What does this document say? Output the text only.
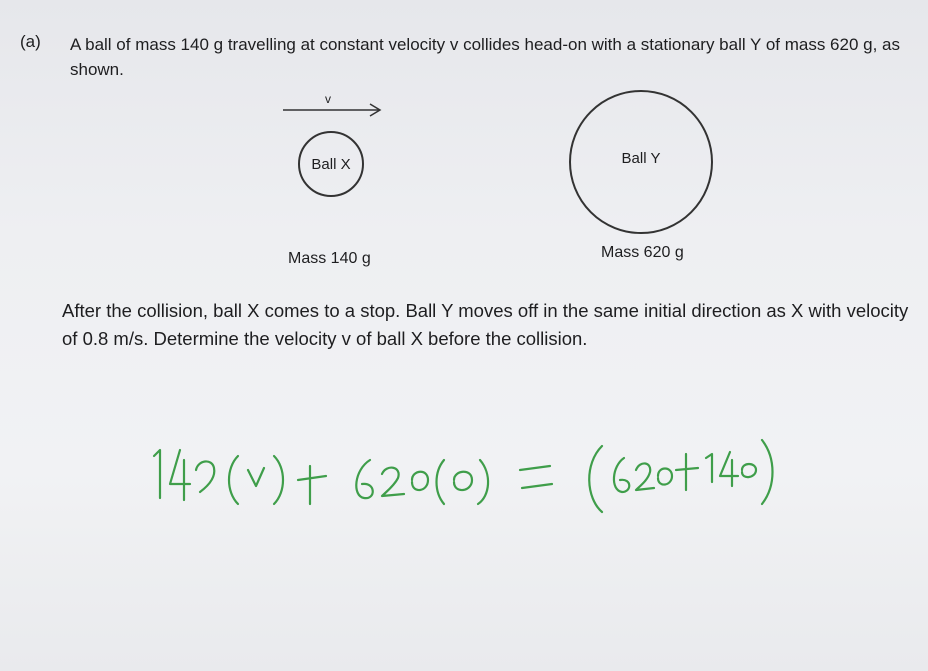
(a) A ball of mass 140 g travelling at constant velocity v collides head-on with a stationary ball Y of mass 620 g, as shown.
v
Ball X	Ball Y
Mass 140 g	Mass 620 g
After the collision, ball X comes to a stop. Ball Y moves off in the same initial direction as X with velocity of 0.8 m/s. Determine the velocity v of ball X before the collision.
